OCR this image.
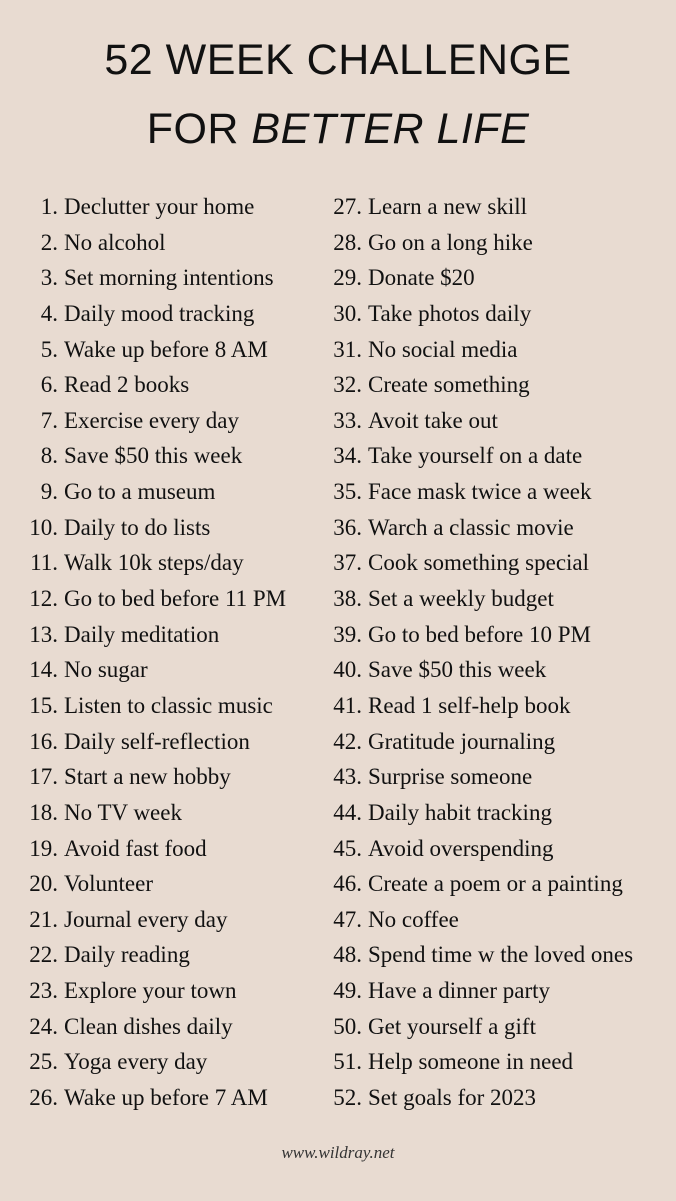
52 WEEK CHALLENGE
FOR BETTER LIFE
1. Declutter your home
2. No alcohol
3. Set morning intentions
4. Daily mood tracking
5. Wake up before 8 AM
6. Read 2 books
7. Exercise every day
8. Save $50 this week
9. Go to a museum
10. Daily to do lists
11. Walk 10k steps/day
12. Go to bed before 11 PM
13. Daily meditation
14. No sugar
15. Listen to classic music
16. Daily self-reflection
17. Start a new hobby
18. No TV week
19. Avoid fast food
20. Volunteer
21. Journal every day
22. Daily reading
23. Explore your town
24. Clean dishes daily
25. Yoga every day
26. Wake up before 7 AM
27. Learn a new skill
28. Go on a long hike
29. Donate $20
30. Take photos daily
31. No social media
32. Create something
33. Avoit take out
34. Take yourself on a date
35. Face mask twice a week
36. Warch a classic movie
37. Cook something special
38. Set a weekly budget
39. Go to bed before 10 PM
40. Save $50 this week
41. Read 1 self-help book
42. Gratitude journaling
43. Surprise someone
44. Daily habit tracking
45. Avoid overspending
46. Create a poem or a painting
47. No coffee
48. Spend time w the loved ones
49. Have a dinner party
50. Get yourself a gift
51. Help someone in need
52. Set goals for 2023
www.wildray.net
